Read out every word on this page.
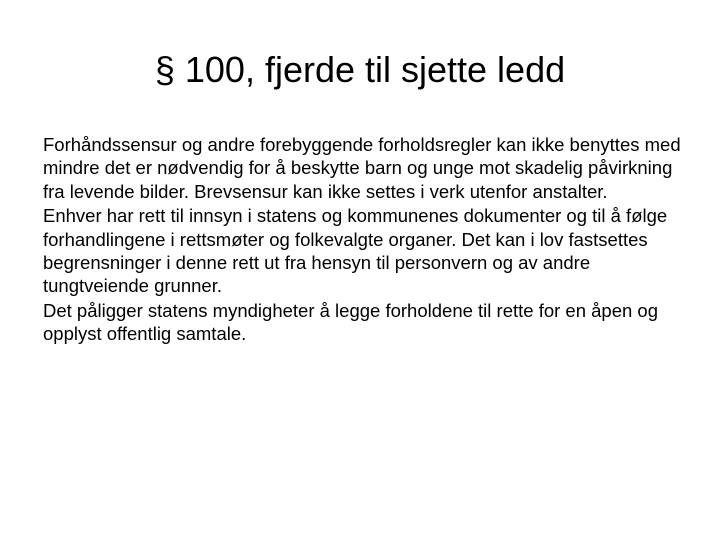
§ 100, fjerde til sjette ledd

Forhåndssensur og andre forebyggende forholdsregler kan ikke benyttes med mindre det er nødvendig for å beskytte barn og unge mot skadelig påvirkning fra levende bilder. Brevsensur kan ikke settes i verk utenfor anstalter.

Enhver har rett til innsyn i statens og kommunenes dokumenter og til å følge forhandlingene i rettsmøter og folkevalgte organer. Det kan i lov fastsettes begrensninger i denne rett ut fra hensyn til personvern og av andre tungtveiende grunner.

Det påligger statens myndigheter å legge forholdene til rette for en åpen og opplyst offentlig samtale.
